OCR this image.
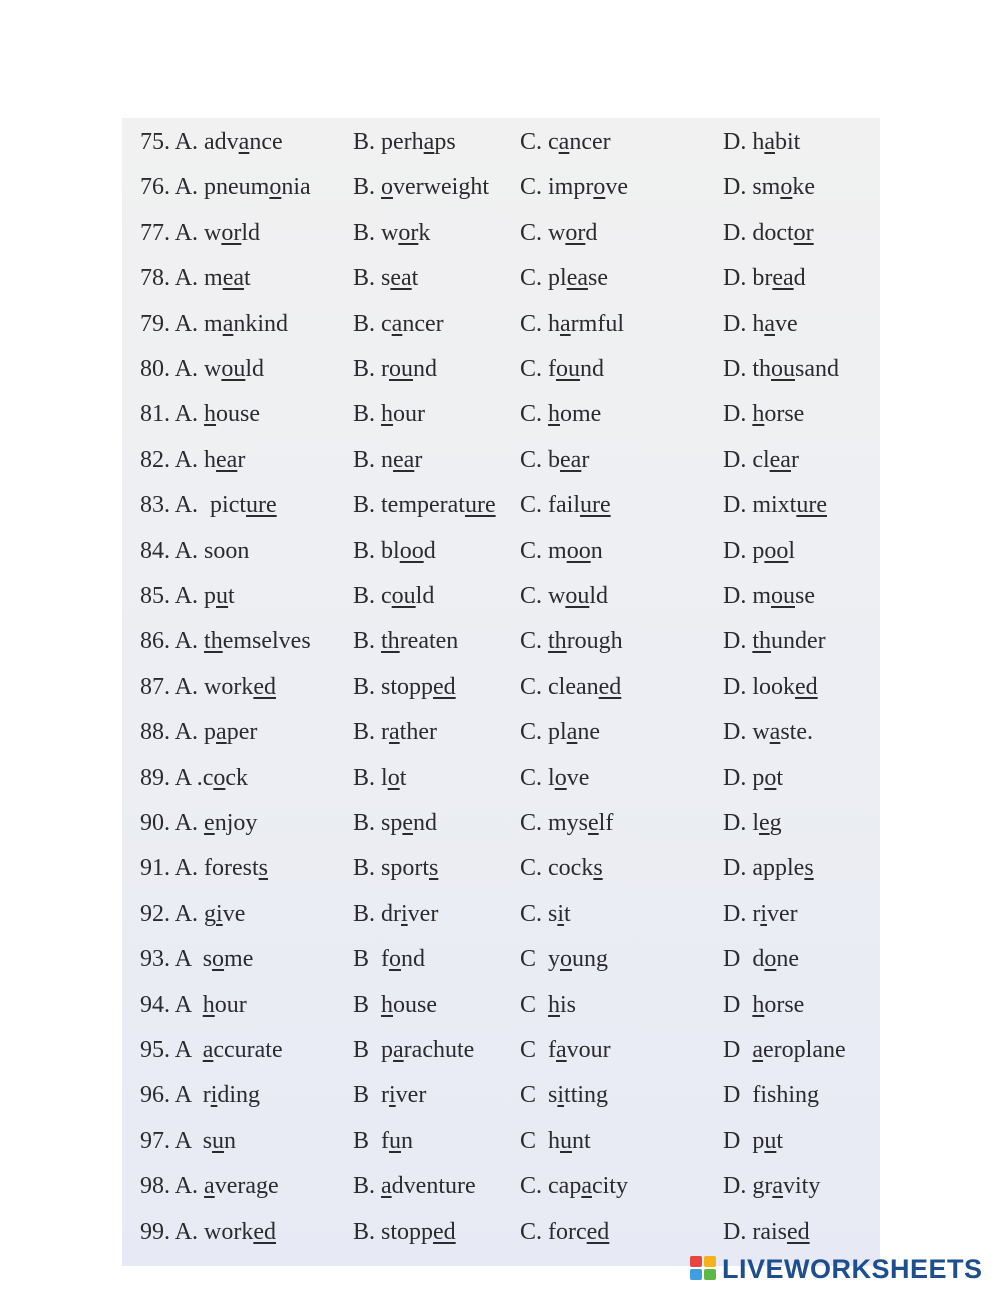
75. A. advance	B. perhaps	C. cancer	D. habit
76. A. pneumonia B. overweight C. improve	D. smoke
77. A. world	B. work	C. word	D. doctor
78. A. meat	B. seat	C. please	D. bread
79. A. mankind	B. cancer	C. harmful	D. have
80. A. would	B. round	C. found	D. thousand
81. A. house	B. hour	C. home	D. horse
82. A. hear	B. near	C. bear	D. clear
83. A.  picture	B. temperature C. failure	D. mixture
84. A. soon	B. blood	C. moon	D. pool
85. A. put	B. could	C. would	D. mouse
86. A. themselves B. threaten	C. through	D. thunder
87. A. worked	B. stopped	C. cleaned	D. looked
88. A. paper	B. rather	C. plane	D. waste.
89. A .cock	B. lot	C. love	D. pot
90. A. enjoy	B. spend	C. myself	D. leg
91. A. forests	B. sports	C. cocks	D. apples
92. A. give	B. driver	C. sit	D. river
93. A  some	B  fond	C  young	D  done
94. A  hour	B  house	C  his	D  horse
95. A  accurate	B  parachute C  favour	D  aeroplane
96. A  riding	B  river	C  sitting	D  fishing
97. A  sun	B  fun	C  hunt	D  put
98. A. average	B. adventure C. capacity	D. gravity
99. A. worked	B. stopped	C. forced	D. raised
LIVEWORKSHEETS
